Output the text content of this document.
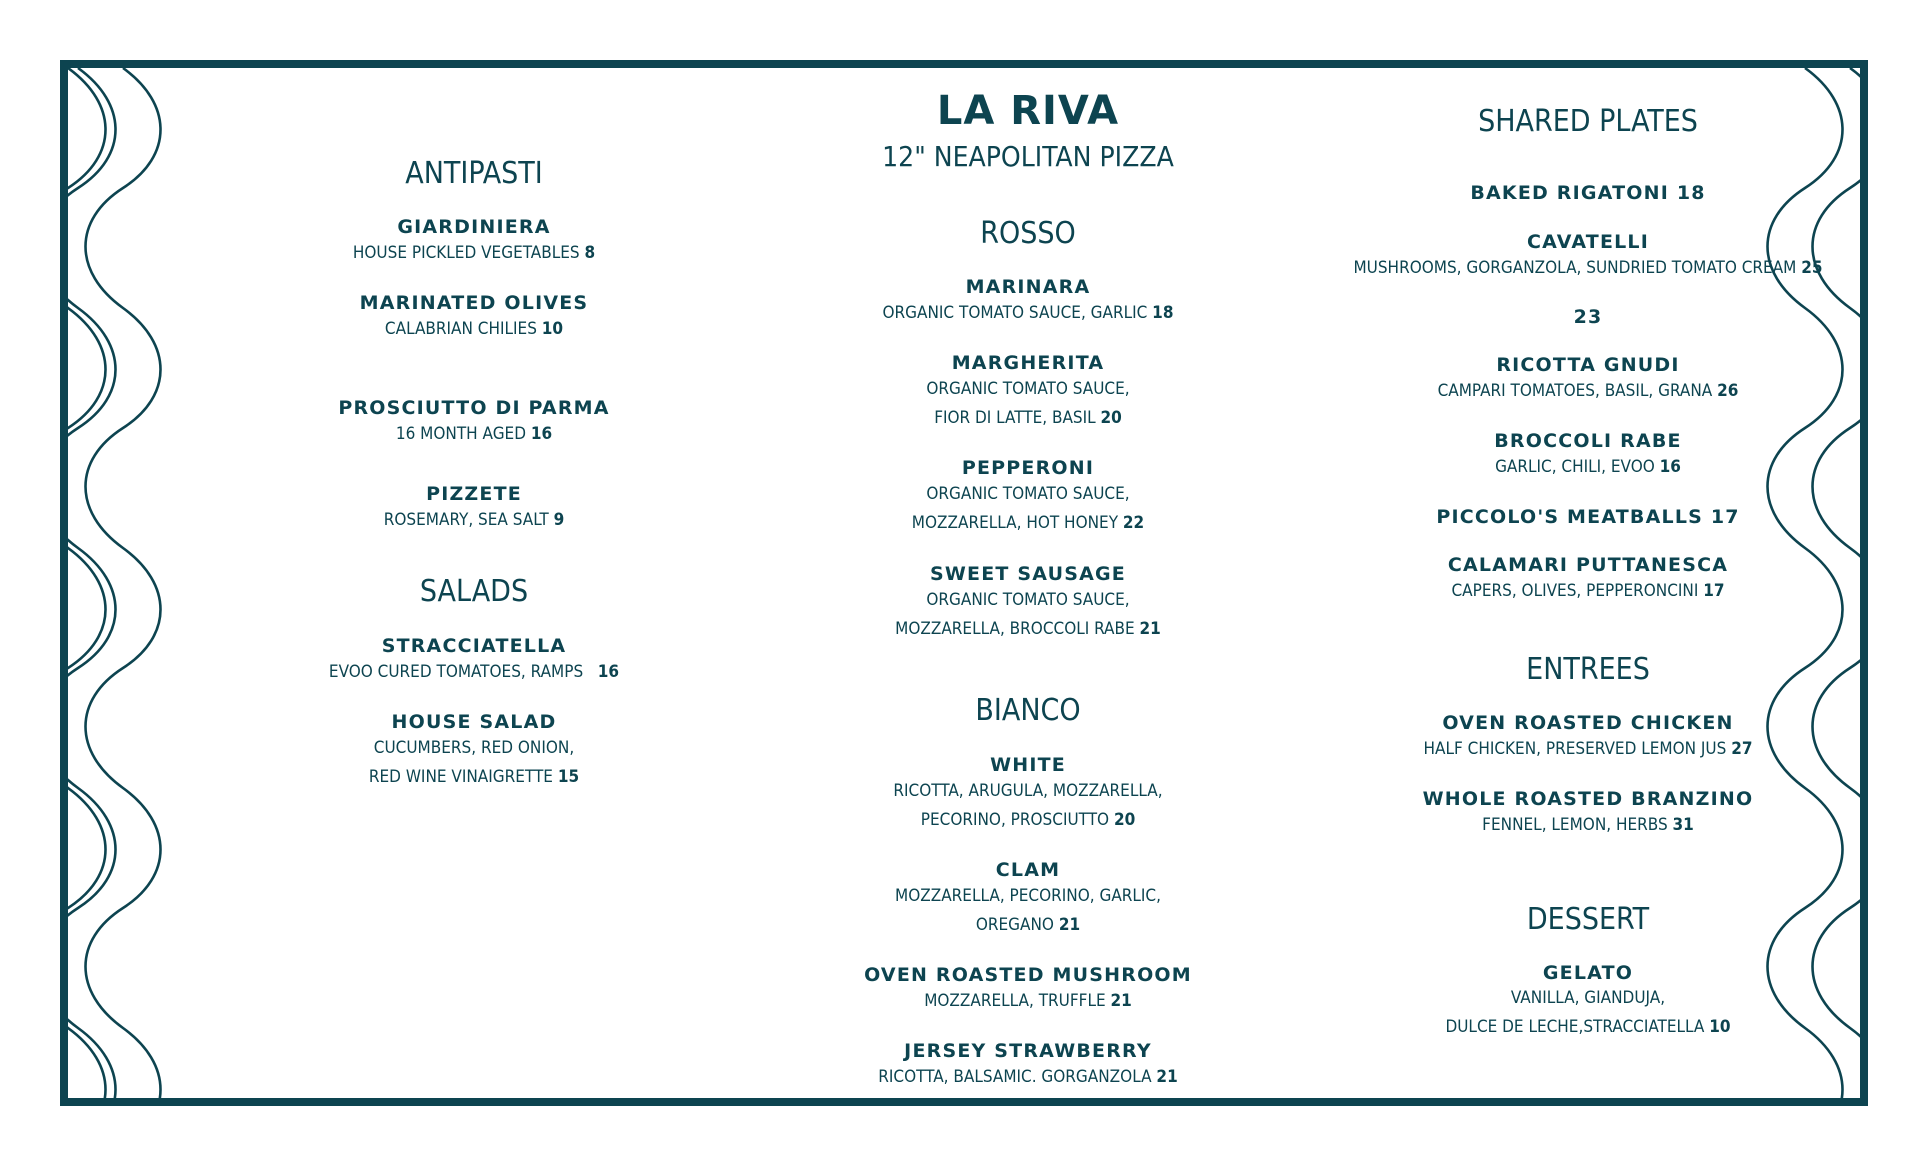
ANTIPASTI
GIARDINIERA
HOUSE PICKLED VEGETABLES 8
MARINATED OLIVES
CALABRIAN CHILIES 10
PROSCIUTTO DI PARMA
16 MONTH AGED 16
PIZZETE
ROSEMARY, SEA SALT 9
SALADS
STRACCIATELLA
EVOO CURED TOMATOES, RAMPS 16
HOUSE SALAD
CUCUMBERS, RED ONION,
RED WINE VINAIGRETTE 15
LA RIVA
12" NEAPOLITAN PIZZA
ROSSO
MARINARA
ORGANIC TOMATO SAUCE, GARLIC 18
MARGHERITA
ORGANIC TOMATO SAUCE,
FIOR DI LATTE, BASIL 20
PEPPERONI
ORGANIC TOMATO SAUCE,
MOZZARELLA, HOT HONEY 22
SWEET SAUSAGE
ORGANIC TOMATO SAUCE,
MOZZARELLA, BROCCOLI RABE 21
BIANCO
WHITE
RICOTTA, ARUGULA, MOZZARELLA,
PECORINO, PROSCIUTTO 20
CLAM
MOZZARELLA, PECORINO, GARLIC,
OREGANO 21
OVEN ROASTED MUSHROOM
MOZZARELLA, TRUFFLE 21
JERSEY STRAWBERRY
RICOTTA, BALSAMIC. GORGANZOLA 21
SHARED PLATES
BAKED RIGATONI 18
CAVATELLI
MUSHROOMS, GORGANZOLA, SUNDRIED TOMATO CREAM 25
23
RICOTTA GNUDI
CAMPARI TOMATOES, BASIL, GRANA 26
BROCCOLI RABE
GARLIC, CHILI, EVOO 16
PICCOLO'S MEATBALLS 17
CALAMARI PUTTANESCA
CAPERS, OLIVES, PEPPERONCINI 17
ENTREES
OVEN ROASTED CHICKEN
HALF CHICKEN, PRESERVED LEMON JUS 27
WHOLE ROASTED BRANZINO
FENNEL, LEMON, HERBS 31
DESSERT
GELATO
VANILLA, GIANDUJA,
DULCE DE LECHE,STRACCIATELLA 10
